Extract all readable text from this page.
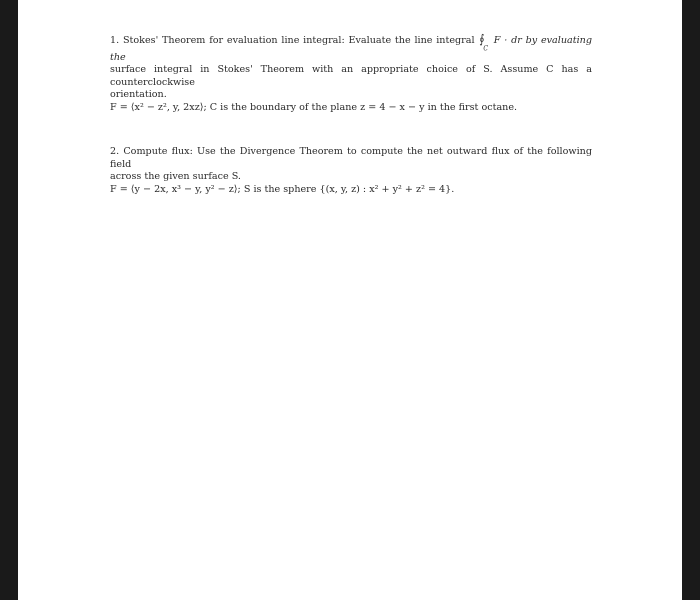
1. Stokes' Theorem for evaluation line integral: Evaluate the line integral $∮_C$ F · dr by evaluating the
surface integral in Stokes' Theorem with an appropriate choice of S. Assume C has a counterclockwise
orientation.
F = ⟨x² − z², y, 2xz⟩; C is the boundary of the plane z = 4 − x − y in the first octane.
2. Compute flux: Use the Divergence Theorem to compute the net outward flux of the following field
across the given surface S.
F = ⟨y − 2x, x³ − y, y² − z⟩; S is the sphere {(x, y, z) : x² + y² + z² = 4}.
